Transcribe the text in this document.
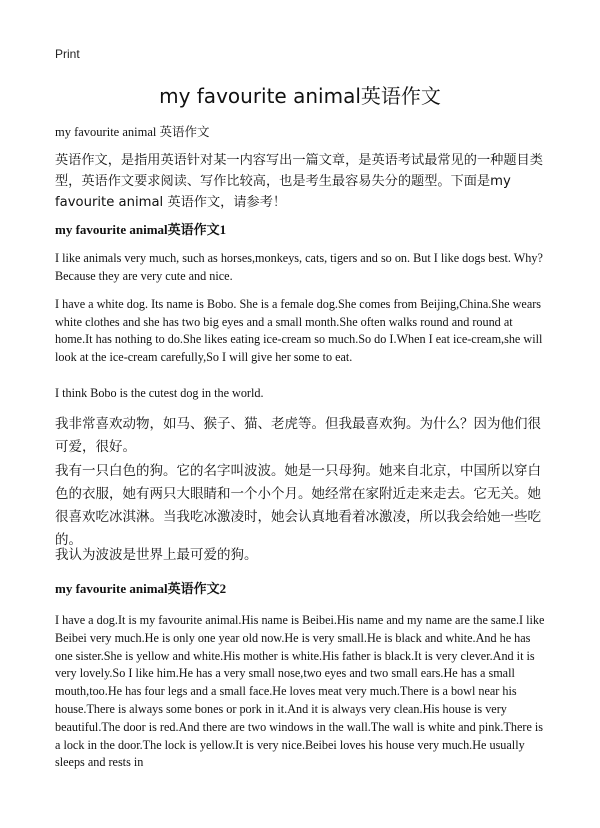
Print
my favourite animal英语作文
my favourite animal 英语作文

英语作文，是指用英语针对某一内容写出一篇文章，是英语考试最常见的一种题目类型，英语作文要求阅读、写作比较高，也是考生最容易失分的题型。下面是my favourite animal 英语作文，请参考！

my favourite animal英语作文1

I like animals very much, such as horses,monkeys, cats, tigers and so on. But I like dogs best. Why? Because they are very cute and nice.

I have a white dog. Its name is Bobo. She is a female dog.She comes from Beijing,China.She wears white clothes and she has two big eyes and a small month.She often walks round and round at home.It has nothing to do.She likes eating ice-cream so much.So do I.When I eat ice-cream,she will look at the ice-cream carefully,So I will give her some to eat.

I think Bobo is the cutest dog in the world.

我非常喜欢动物，如马、猴子、猫、老虎等。但我最喜欢狗。为什么？因为他们很可爱，很好。

我有一只白色的狗。它的名字叫波波。她是一只母狗。她来自北京，中国所以穿白色的衣服，她有两只大眼睛和一个小个月。她经常在家附近走来走去。它无关。她很喜欢吃冰淇淋。当我吃冰激凌时，她会认真地看着冰激凌，所以我会给她一些吃的。

我认为波波是世界上最可爱的狗。

my favourite animal英语作文2

I have a dog.It is my favourite animal.His name is Beibei.His name and my name are the same.I like Beibei very much.He is only one year old now.He is very small.He is black and white.And he has one sister.She is yellow and white.His mother is white.His father is black.It is very clever.And it is very lovely.So I like him.He has a very small nose,two eyes and two small ears.He has a small mouth,too.He has four legs and a small face.He loves meat very much.There is a bowl near his house.There is always some bones or pork in it.And it is always very clean.His house is very beautiful.The door is red.And there are two windows in the wall.The wall is white and pink.There is a lock in the door.The lock is yellow.It is very nice.Beibei loves his house very much.He usually sleeps and rests in
